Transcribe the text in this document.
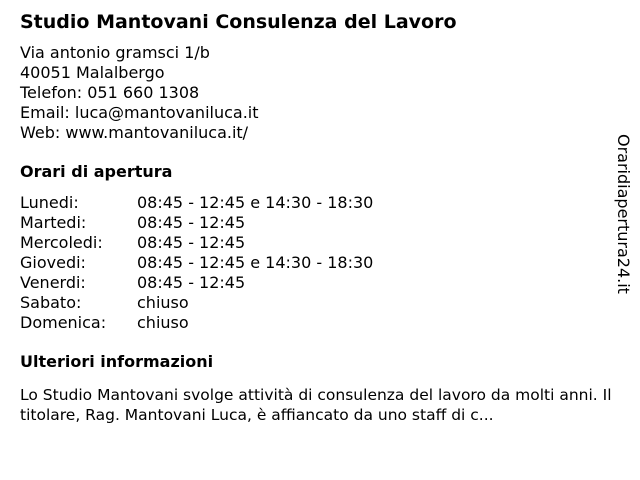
Studio Mantovani Consulenza del Lavoro
Via antonio gramsci 1/b
40051 Malalbergo
Telefon: 051 660 1308
Email: luca@mantovaniluca.it
Web: www.mantovaniluca.it/
Orari di apertura
Lunedi:	08:45 - 12:45 e 14:30 - 18:30
Martedi:	08:45 - 12:45
Mercoledi:	08:45 - 12:45
Giovedi:	08:45 - 12:45 e 14:30 - 18:30
Venerdi:	08:45 - 12:45
Sabato:	chiuso
Domenica:	chiuso
Ulteriori informazioni
Lo Studio Mantovani svolge attività di consulenza del lavoro da molti anni. Il titolare, Rag. Mantovani Luca, è affiancato da uno staff di c...
Oraridiapertura24.it
